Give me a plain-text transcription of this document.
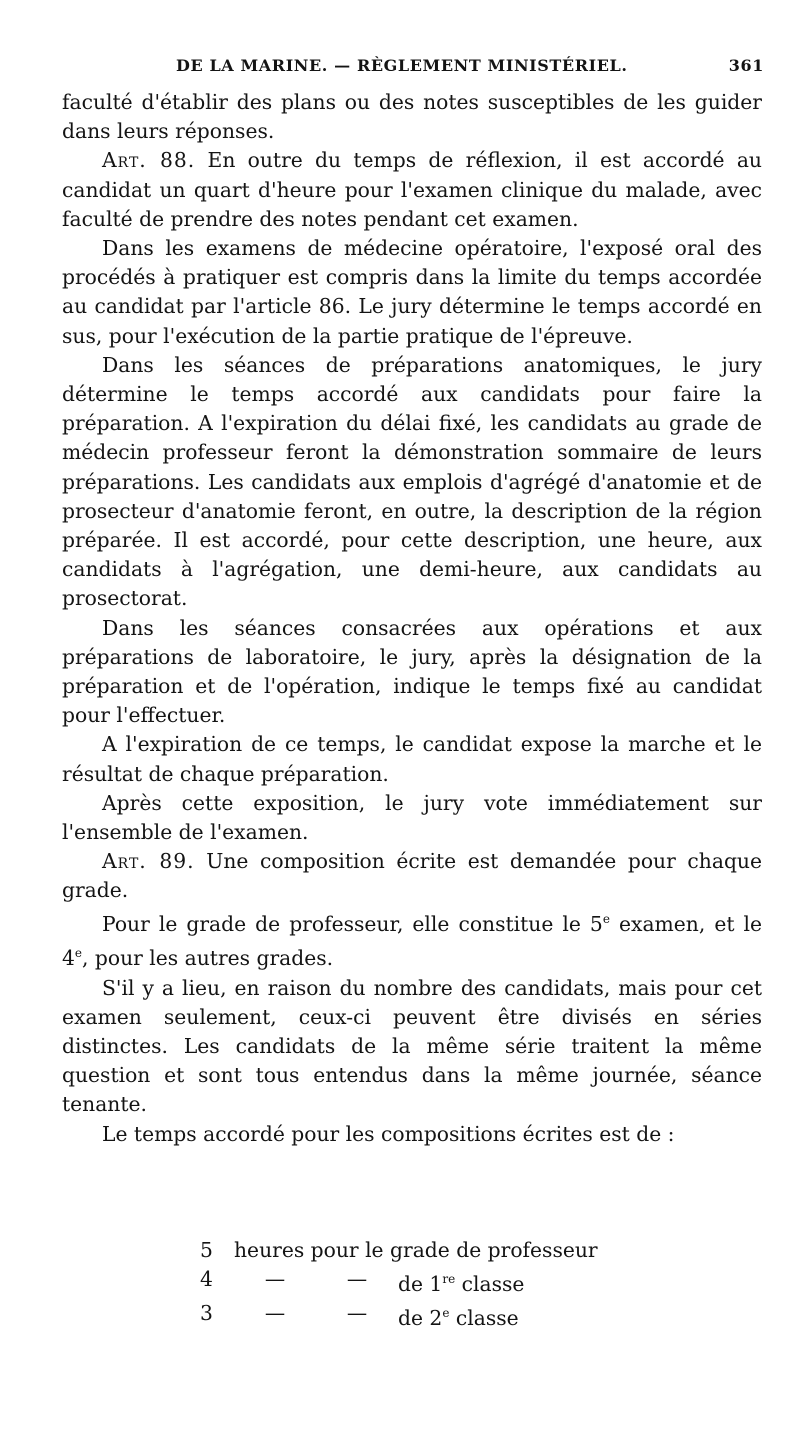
DE LA MARINE. — RÈGLEMENT MINISTÉRIEL.	361

faculté d'établir des plans ou des notes susceptibles de les guider dans leurs réponses.

Art. 88. En outre du temps de réflexion, il est accordé au candidat un quart d'heure pour l'examen clinique du malade, avec faculté de prendre des notes pendant cet examen.

Dans les examens de médecine opératoire, l'exposé oral des procédés à pratiquer est compris dans la limite du temps accordée au candidat par l'article 86. Le jury détermine le temps accordé en sus, pour l'exécution de la partie pratique de l'épreuve.

Dans les séances de préparations anatomiques, le jury détermine le temps accordé aux candidats pour faire la préparation. A l'expiration du délai fixé, les candidats au grade de médecin professeur feront la démonstration sommaire de leurs préparations. Les candidats aux emplois d'agrégé d'anatomie et de prosecteur d'anatomie feront, en outre, la description de la région préparée. Il est accordé, pour cette description, une heure, aux candidats à l'agrégation, une demi-heure, aux candidats au prosectorat.

Dans les séances consacrées aux opérations et aux préparations de laboratoire, le jury, après la désignation de la préparation et de l'opération, indique le temps fixé au candidat pour l'effectuer.

A l'expiration de ce temps, le candidat expose la marche et le résultat de chaque préparation.

Après cette exposition, le jury vote immédiatement sur l'ensemble de l'examen.

Art. 89. Une composition écrite est demandée pour chaque grade.

Pour le grade de professeur, elle constitue le 5e examen, et le 4e, pour les autres grades.

S'il y a lieu, en raison du nombre des candidats, mais pour cet examen seulement, ceux-ci peuvent être divisés en séries distinctes. Les candidats de la même série traitent la même question et sont tous entendus dans la même journée, séance tenante.

Le temps accordé pour les compositions écrites est de :

5	heures pour le grade de professeur
4	—	—	de 1re classe
3	—	—	de 2e classe
